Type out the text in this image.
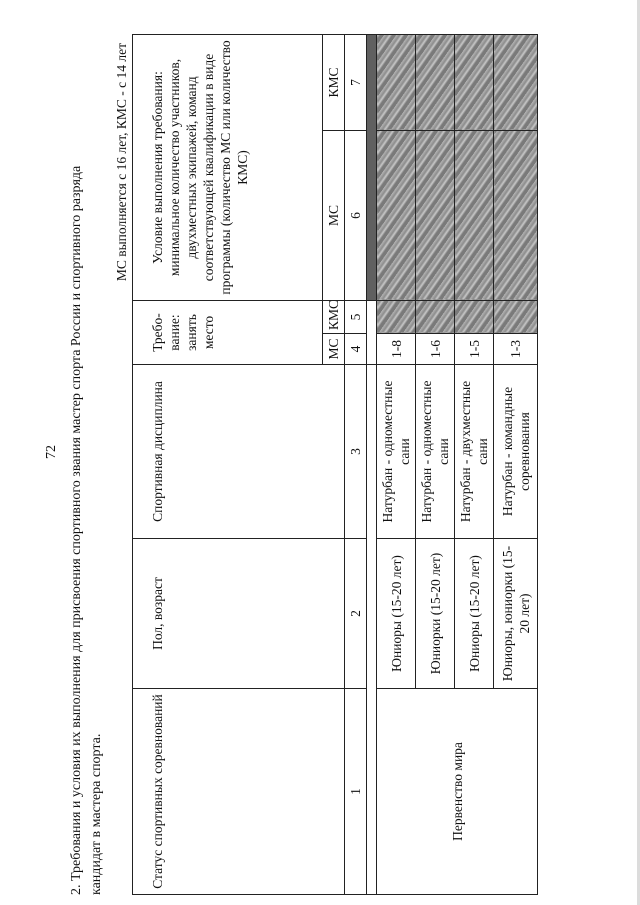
72 2. Требования и условия их выполнения для присвоения спортивного звания мастер спорта России и спортивного разряда кандидат в мастера спорта.
МС выполняется с 16 лет, КМС - с 14 лет
Статус спортивных соревнований	Пол, возраст	Спортивная дисциплина	Требо- вание: занять место		Условие выполнения требования: минимальное количество участников, двухместных экипажей, команд соответствующей квалификации в виде программы (количество МС или количество КМС)	
			МС	КМС	МС	КМС
1	2	3	4	5	6	7

Первенство мира	Юниоры (15-20 лет)	Натурбан - одноместные сани	1-8			
	Юниорки (15-20 лет)	Натурбан - одноместные сани	1-6			
	Юниоры (15-20 лет)	Натурбан - двухместные сани	1-5			
	Юниоры, юниорки (15-20 лет)	Натурбан - командные соревнования	1-3			
